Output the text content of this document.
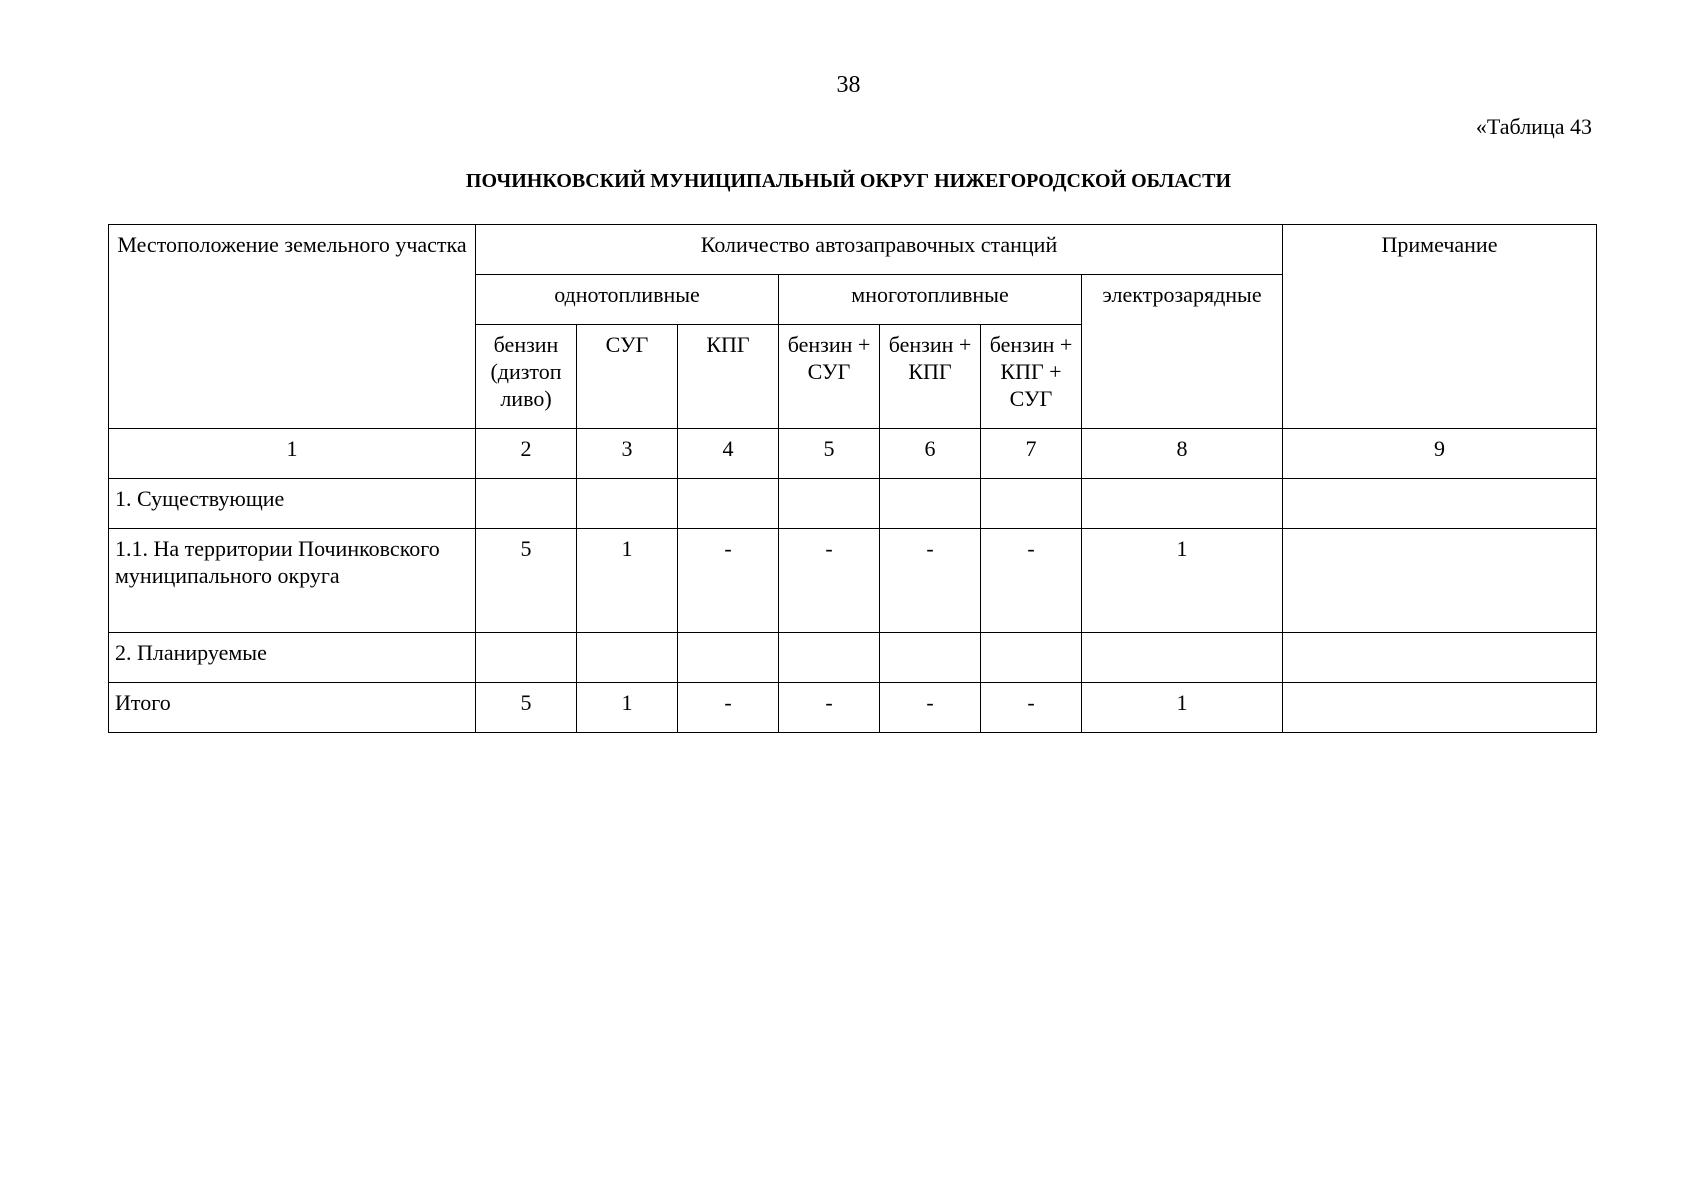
38
«Таблица 43
ПОЧИНКОВСКИЙ МУНИЦИПАЛЬНЫЙ ОКРУГ НИЖЕГОРОДСКОЙ ОБЛАСТИ
Местоположение земельного участка	Количество автозаправочных станций							Примечание
	однотопливные			многотопливные			электрозарядные	
	бензин (дизтоп ливо)	СУГ	КПГ	бензин + СУГ	бензин + КПГ	бензин + КПГ + СУГ		
1	2	3	4	5	6	7	8	9
1. Существующие								
1.1. На территории Починковского муниципального округа	5	1	-	-	-	-	1	
2. Планируемые								
Итого	5	1	-	-	-	-	1	
